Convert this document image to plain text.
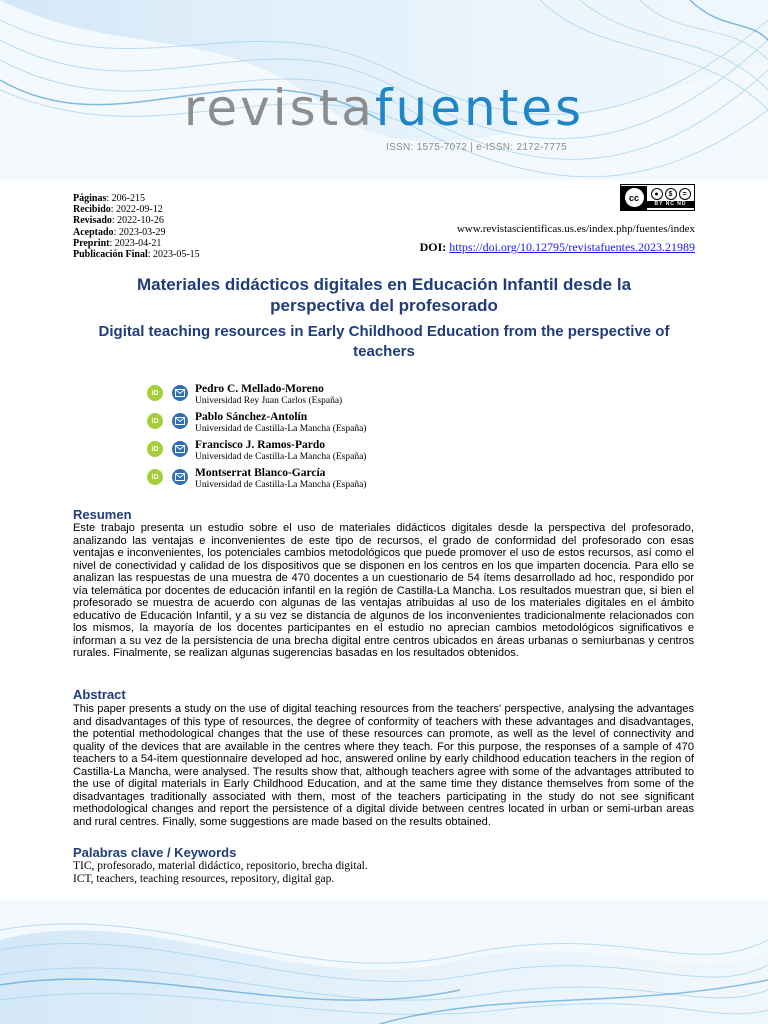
revistafuentes
ISSN: 1575-7072 | e-ISSN: 2172-7775
Páginas: 206-215
Recibido: 2022-09-12
Revisado: 2022-10-26
Aceptado: 2023-03-29
Preprint: 2023-04-21
Publicación Final: 2023-05-15
cc	●	$	=
BY NC ND
www.revistascientificas.us.es/index.php/fuentes/index
DOI: https://doi.org/10.12795/revistafuentes.2023.21989
Materiales didácticos digitales en Educación Infantil desde la perspectiva del profesorado
Digital teaching resources in Early Childhood Education from the perspective of teachers
iD	Pedro C. Mellado-Moreno
Universidad Rey Juan Carlos (España)
iD	Pablo Sánchez-Antolín
Universidad de Castilla-La Mancha (España)
iD	Francisco J. Ramos-Pardo
Universidad de Castilla-La Mancha (España)
iD	Montserrat Blanco-García
Universidad de Castilla-La Mancha (España)
Resumen
Este trabajo presenta un estudio sobre el uso de materiales didácticos digitales desde la perspectiva del profesorado, analizando las ventajas e inconvenientes de este tipo de recursos, el grado de conformidad del profesorado con esas ventajas e inconvenientes, los potenciales cambios metodológicos que puede promover el uso de estos recursos, así como el nivel de conectividad y calidad de los dispositivos que se disponen en los centros en los que imparten docencia. Para ello se analizan las respuestas de una muestra de 470 docentes a un cuestionario de 54 ítems desarrollado ad hoc, respondido por vía telemática por docentes de educación infantil en la región de Castilla-La Mancha. Los resultados muestran que, si bien el profesorado se muestra de acuerdo con algunas de las ventajas atribuidas al uso de los materiales digitales en el ámbito educativo de Educación Infantil, y a su vez se distancia de algunos de los inconvenientes tradicionalmente relacionados con los mismos, la mayoría de los docentes participantes en el estudio no aprecian cambios metodológicos significativos e informan a su vez de la persistencia de una brecha digital entre centros ubicados en áreas urbanas o semiurbanas y centros rurales. Finalmente, se realizan algunas sugerencias basadas en los resultados obtenidos.
Abstract
This paper presents a study on the use of digital teaching resources from the teachers' perspective, analysing the advantages and disadvantages of this type of resources, the degree of conformity of teachers with these advantages and disadvantages, the potential methodological changes that the use of these resources can promote, as well as the level of connectivity and quality of the devices that are available in the centres where they teach. For this purpose, the responses of a sample of 470 teachers to a 54-item questionnaire developed ad hoc, answered online by early childhood education teachers in the region of Castilla-La Mancha, were analysed. The results show that, although teachers agree with some of the advantages attributed to the use of digital materials in Early Childhood Education, and at the same time they distance themselves from some of the disadvantages traditionally associated with them, most of the teachers participating in the study do not see significant methodological changes and report the persistence of a digital divide between centres located in urban or semi-urban areas and rural centres. Finally, some suggestions are made based on the results obtained.
Palabras clave / Keywords
TIC, profesorado, material didáctico, repositorio, brecha digital.
ICT, teachers, teaching resources, repository, digital gap.
